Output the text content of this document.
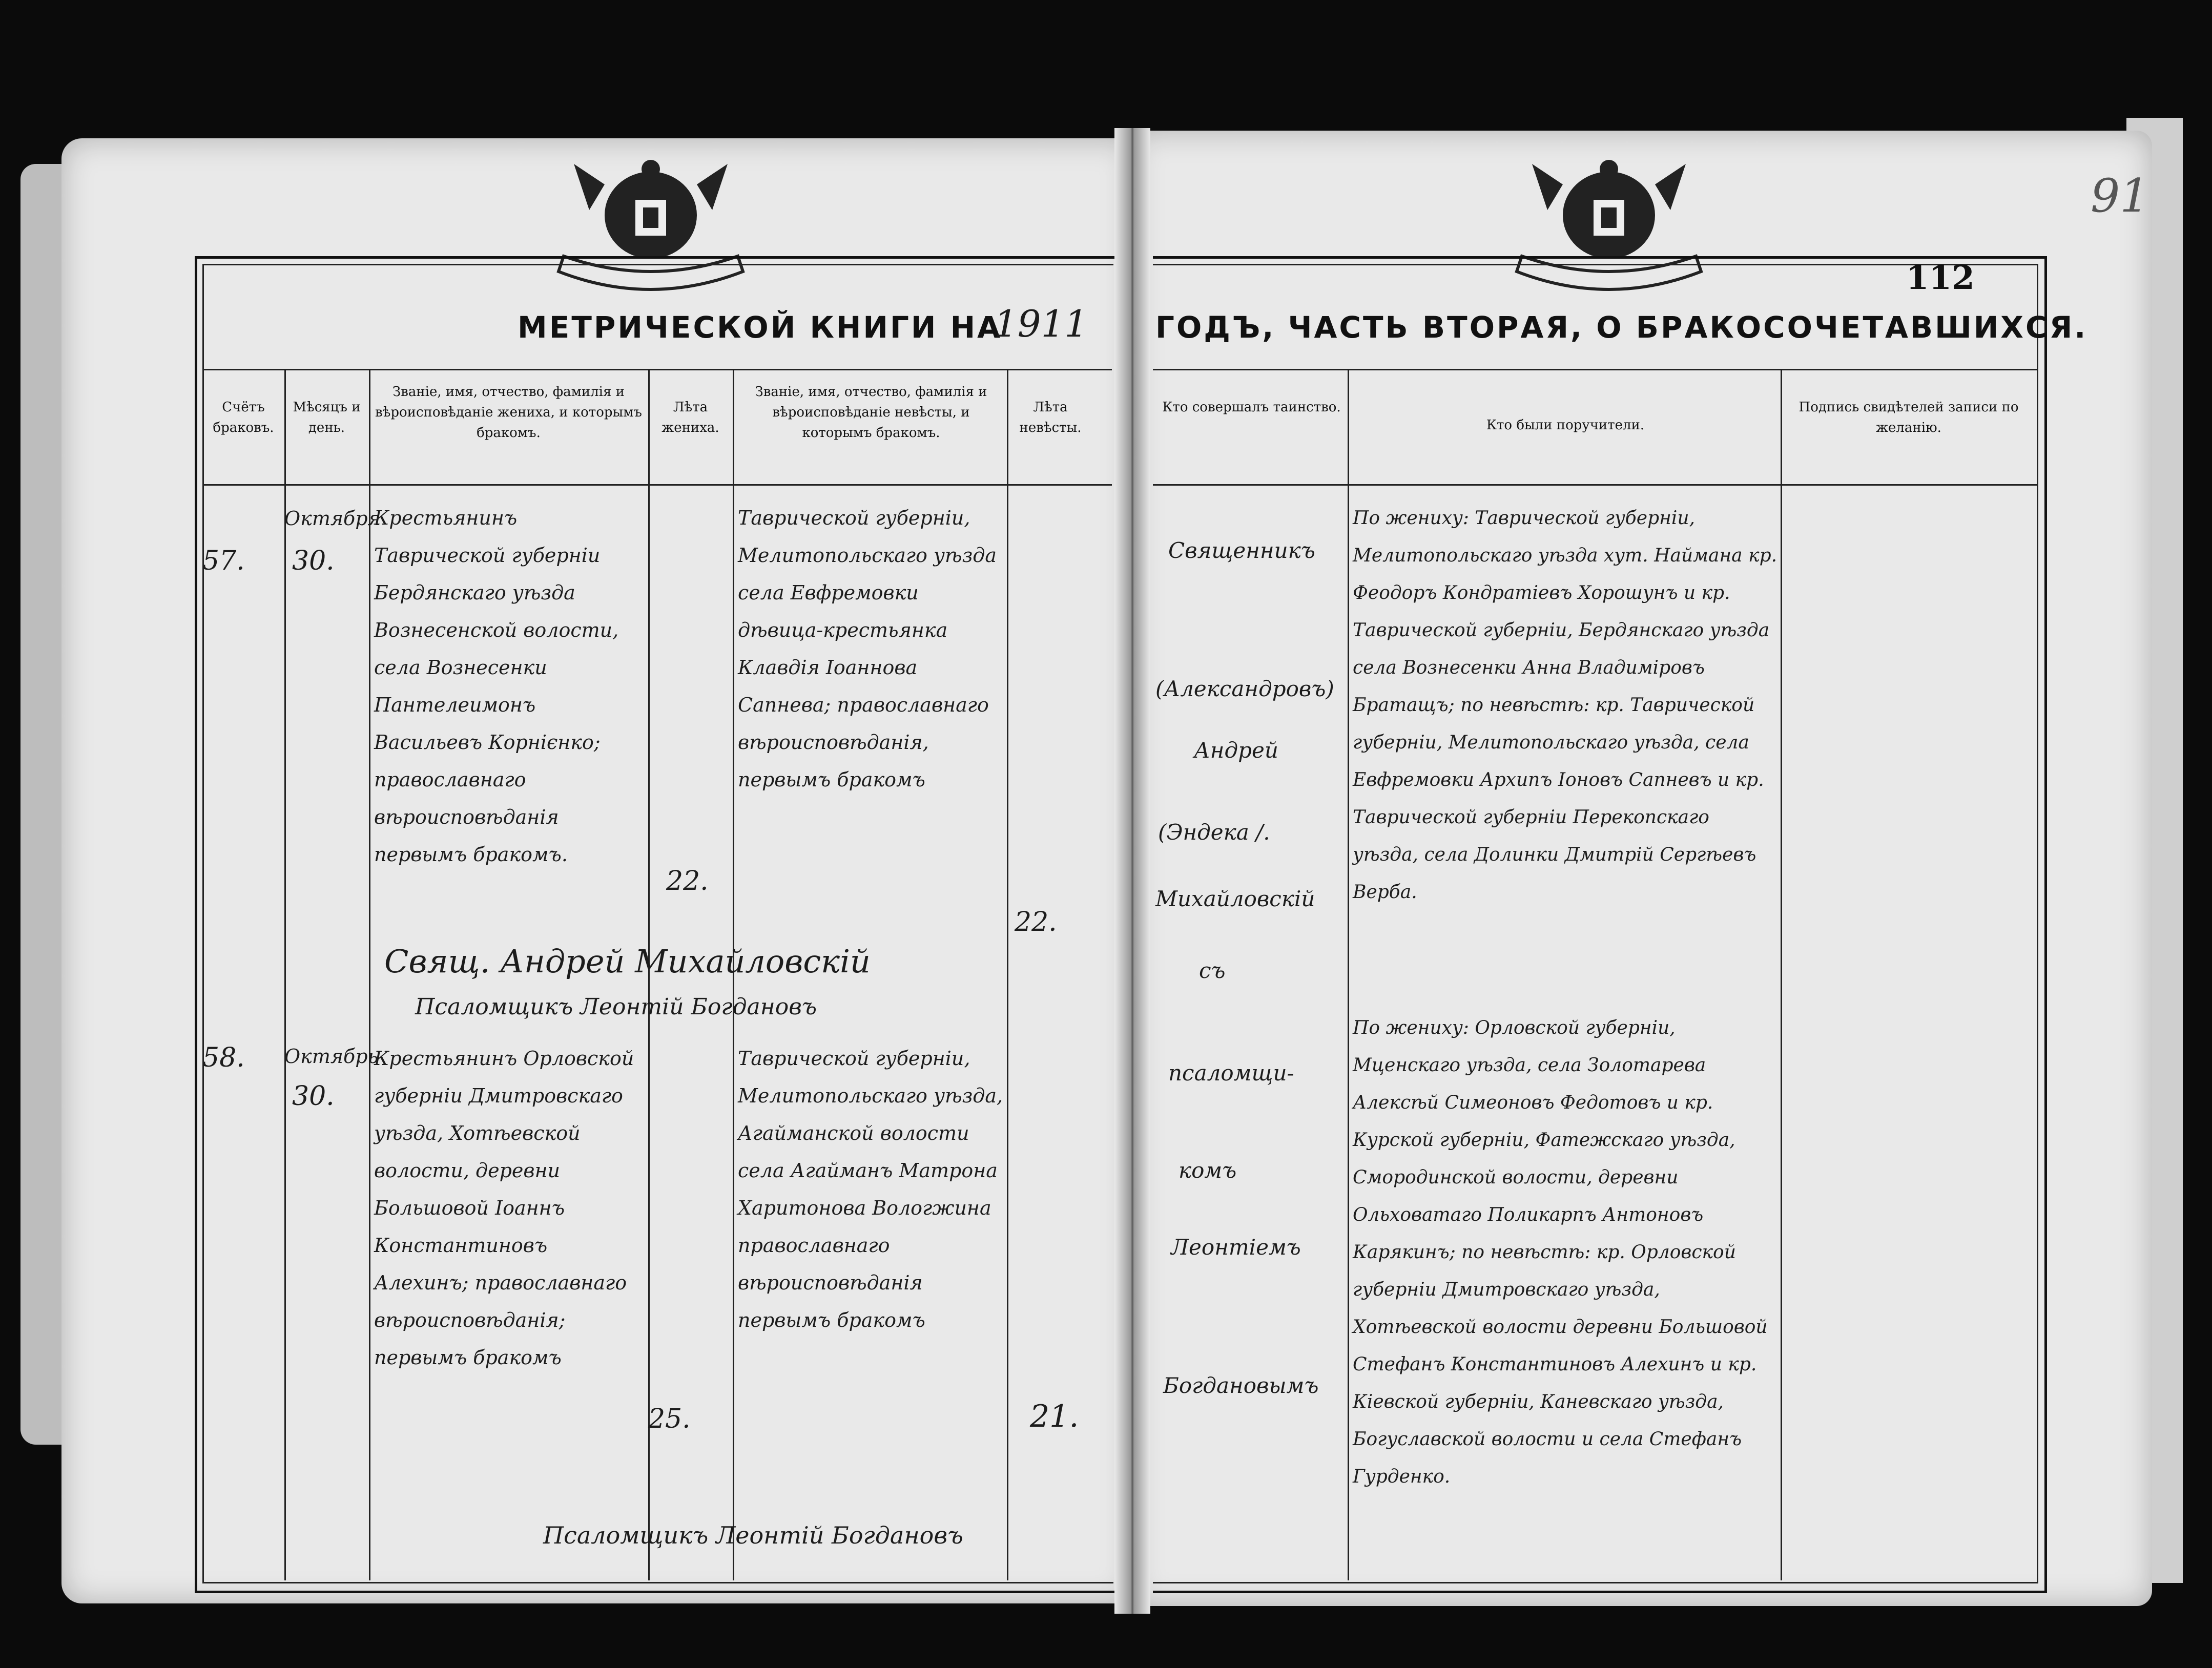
МЕТРИЧЕСКОЙ КНИГИ НА
1911 ГОДЪ, ЧАСТЬ ВТОРАЯ, О БРАКОСОЧЕТАВШИХСЯ.
112
91
Счётъ браковъ.
Мѣсяцъ и день.
Званіе, имя, отчество, фамилія и вѣроисповѣданіе жениха, и которымъ бракомъ.
Лѣта жениха.
Званіе, имя, отчество, фамилія и вѣроисповѣданіе невѣсты, и которымъ бракомъ.
Лѣта невѣсты.
Кто совершалъ таинство.
Кто были поручители.
Подпись свидѣтелей записи по желанію.
57.
Октября
30.
Крестьянинъ Таврической губерніи Бердянскаго уѣзда Вознесенской волости, села Вознесенки Пантелеимонъ Васильевъ Корнієнко; православнаго вѣроисповѣданія первымъ бракомъ.
22.
Таврической губерніи, Мелитопольскаго уѣзда села Евфремовки дѣвица-крестьянка Клавдія Іоаннова Сапнева; православнаго вѣроисповѣданія, первымъ бракомъ
22.
Свящ. Андрей Михайловскій
Псаломщикъ Леонтій Богдановъ
По жениху: Таврической губерніи, Мелитопольскаго уѣзда хут. Наймана кр. Феодоръ Кондратіевъ Хорошунъ и кр. Таврической губерніи, Бердянскаго уѣзда села Вознесенки Анна Владиміровъ Братащъ; по невѣстѣ: кр. Таврической губерніи, Мелитопольскаго уѣзда, села Евфремовки Архипъ Іоновъ Сапневъ и кр. Таврической губерніи Перекопскаго уѣзда, села Долинки Дмитрій Сергѣевъ Верба.
58. Октябрь
30.
Крестьянинъ Орловской губерніи Дмитровскаго уѣзда, Хотѣевской волости, деревни Большовой Іоаннъ Константиновъ Алехинъ; православнаго вѣроисповѣданія; первымъ бракомъ
25.
Таврической губерніи, Мелитопольскаго уѣзда, Агайманской волости села Агайманъ Матрона Харитонова Вологжина православнаго вѣроисповѣданія первымъ бракомъ
21.
По жениху: Орловской губерніи, Мценскаго уѣзда, села Золотарева Алексѣй Симеоновъ Федотовъ и кр. Курской губерніи, Фатежскаго уѣзда, Смородинской волости, деревни Ольховатаго Поликарпъ Антоновъ Карякинъ; по невѣстѣ: кр. Орловской губерніи Дмитровскаго уѣзда, Хотѣевской волости деревни Большовой Стефанъ Константиновъ Алехинъ и кр. Кіевской губерніи, Каневскаго уѣзда, Богуславской волости и села Стефанъ Гурденко.
Священникъ
(Александровъ)
Андрей
(Эндека /.
Михайловскій
съ
псаломщи-
комъ
Леонтіемъ
Богдановымъ
Псаломщикъ Леонтій Богдановъ
